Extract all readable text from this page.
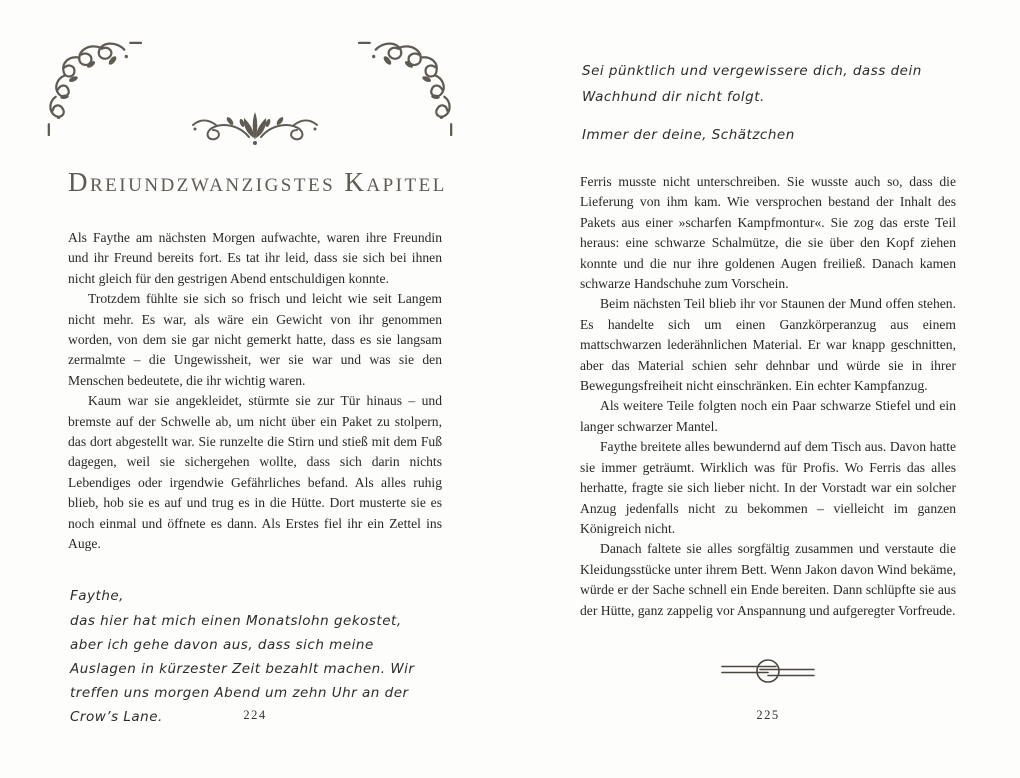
Dreiundzwanzigstes Kapitel

Als Faythe am nächsten Morgen aufwachte, waren ihre Freundin und ihr Freund bereits fort. Es tat ihr leid, dass sie sich bei ihnen nicht gleich für den gestrigen Abend entschuldigen konnte.

Trotzdem fühlte sie sich so frisch und leicht wie seit Langem nicht mehr. Es war, als wäre ein Gewicht von ihr genommen worden, von dem sie gar nicht gemerkt hatte, dass es sie langsam zermalmte – die Ungewissheit, wer sie war und was sie den Menschen bedeutete, die ihr wichtig waren.

Kaum war sie angekleidet, stürmte sie zur Tür hinaus – und bremste auf der Schwelle ab, um nicht über ein Paket zu stolpern, das dort abgestellt war. Sie runzelte die Stirn und stieß mit dem Fuß dagegen, weil sie sichergehen wollte, dass sich darin nichts Lebendiges oder irgendwie Gefährliches befand. Als alles ruhig blieb, hob sie es auf und trug es in die Hütte. Dort musterte sie es noch einmal und öffnete es dann. Als Erstes fiel ihr ein Zettel ins Auge.

Faythe,

das hier hat mich einen Monatslohn gekostet, aber ich gehe davon aus, dass sich meine Auslagen in kürzester Zeit bezahlt machen. Wir treffen uns morgen Abend um zehn Uhr an der Crow’s Lane.	224

Sei pünktlich und vergewissere dich, dass dein Wachhund dir nicht folgt.

Immer der deine, Schätzchen

Ferris musste nicht unterschreiben. Sie wusste auch so, dass die Lieferung von ihm kam. Wie versprochen bestand der Inhalt des Pakets aus einer »scharfen Kampfmontur«. Sie zog das erste Teil heraus: eine schwarze Schalmütze, die sie über den Kopf ziehen konnte und die nur ihre goldenen Augen freiließ. Danach kamen schwarze Handschuhe zum Vorschein.

Beim nächsten Teil blieb ihr vor Staunen der Mund offen stehen. Es handelte sich um einen Ganzkörperanzug aus einem mattschwarzen lederähnlichen Material. Er war knapp geschnitten, aber das Material schien sehr dehnbar und würde sie in ihrer Bewegungsfreiheit nicht einschränken. Ein echter Kampfanzug.

Als weitere Teile folgten noch ein Paar schwarze Stiefel und ein langer schwarzer Mantel.

Faythe breitete alles bewundernd auf dem Tisch aus. Davon hatte sie immer geträumt. Wirklich was für Profis. Wo Ferris das alles herhatte, fragte sie sich lieber nicht. In der Vorstadt war ein solcher Anzug jedenfalls nicht zu bekommen – vielleicht im ganzen Königreich nicht.

Danach faltete sie alles sorgfältig zusammen und verstaute die Kleidungsstücke unter ihrem Bett. Wenn Jakon davon Wind bekäme, würde er der Sache schnell ein Ende bereiten. Dann schlüpfte sie aus der Hütte, ganz zappelig vor Anspannung und aufgeregter Vorfreude.

225
